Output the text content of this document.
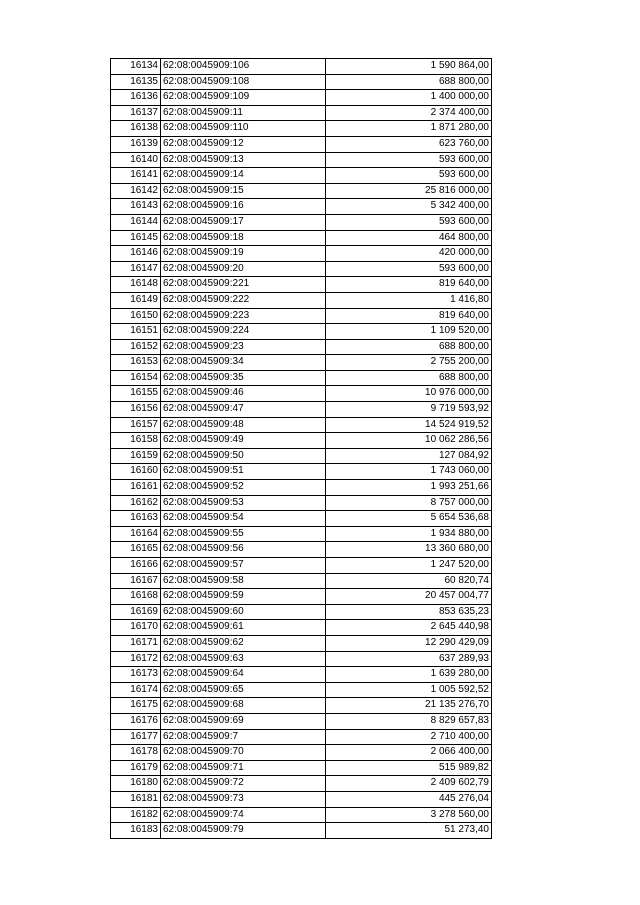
16134	62:08:0045909:106	1 590 864,00
16135	62:08:0045909:108	688 800,00
16136	62:08:0045909:109	1 400 000,00
16137	62:08:0045909:11	2 374 400,00
16138	62:08:0045909:110	1 871 280,00
16139	62:08:0045909:12	623 760,00
16140	62:08:0045909:13	593 600,00
16141	62:08:0045909:14	593 600,00
16142	62:08:0045909:15	25 816 000,00
16143	62:08:0045909:16	5 342 400,00
16144	62:08:0045909:17	593 600,00
16145	62:08:0045909:18	464 800,00
16146	62:08:0045909:19	420 000,00
16147	62:08:0045909:20	593 600,00
16148	62:08:0045909:221	819 640,00
16149	62:08:0045909:222	1 416,80
16150	62:08:0045909:223	819 640,00
16151	62:08:0045909:224	1 109 520,00
16152	62:08:0045909:23	688 800,00
16153	62:08:0045909:34	2 755 200,00
16154	62:08:0045909:35	688 800,00
16155	62:08:0045909:46	10 976 000,00
16156	62:08:0045909:47	9 719 593,92
16157	62:08:0045909:48	14 524 919,52
16158	62:08:0045909:49	10 062 286,56
16159	62:08:0045909:50	127 084,92
16160	62:08:0045909:51	1 743 060,00
16161	62:08:0045909:52	1 993 251,66
16162	62:08:0045909:53	8 757 000,00
16163	62:08:0045909:54	5 654 536,68
16164	62:08:0045909:55	1 934 880,00
16165	62:08:0045909:56	13 360 680,00
16166	62:08:0045909:57	1 247 520,00
16167	62:08:0045909:58	60 820,74
16168	62:08:0045909:59	20 457 004,77
16169	62:08:0045909:60	853 635,23
16170	62:08:0045909:61	2 645 440,98
16171	62:08:0045909:62	12 290 429,09
16172	62:08:0045909:63	637 289,93
16173	62:08:0045909:64	1 639 280,00
16174	62:08:0045909:65	1 005 592,52
16175	62:08:0045909:68	21 135 276,70
16176	62:08:0045909:69	8 829 657,83
16177	62:08:0045909:7	2 710 400,00
16178	62:08:0045909:70	2 066 400,00
16179	62:08:0045909:71	515 989,82
16180	62:08:0045909:72	2 409 602,79
16181	62:08:0045909:73	445 276,04
16182	62:08:0045909:74	3 278 560,00
16183	62:08:0045909:79	51 273,40
